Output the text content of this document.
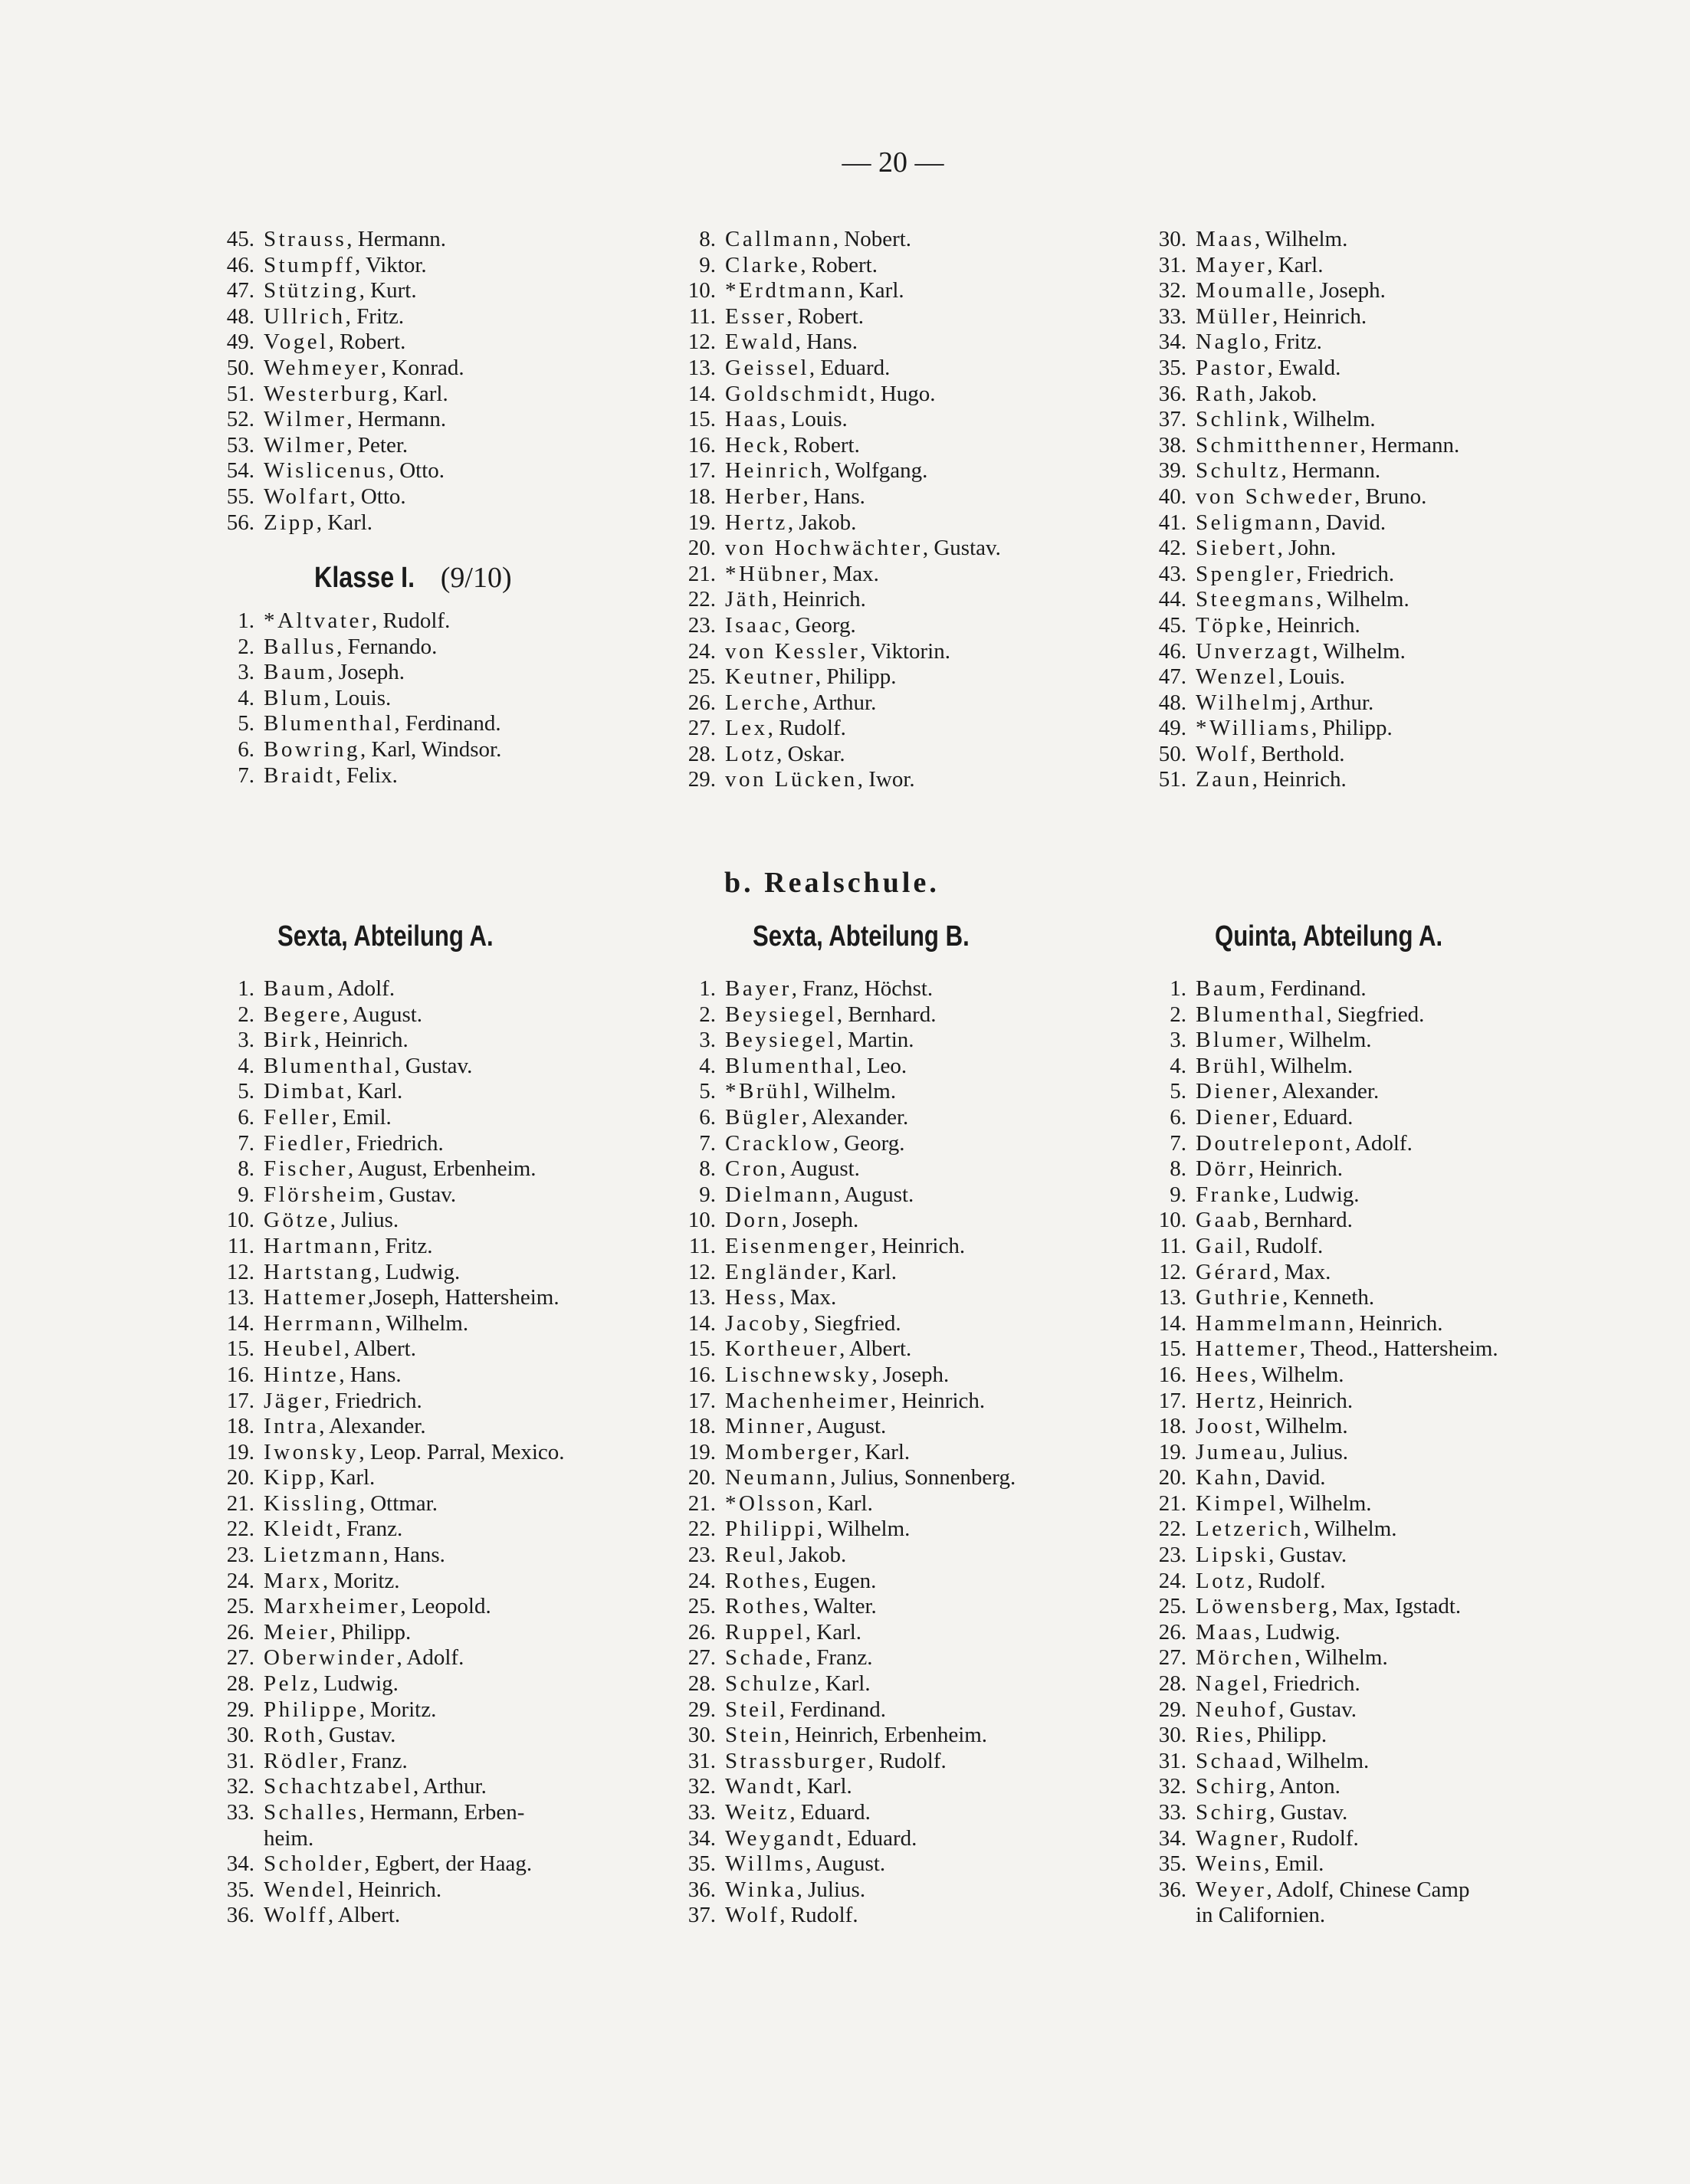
— 20 —
45. Strauss, Hermann.
46. Stumpff, Viktor.
47. Stützing, Kurt.
48. Ullrich, Fritz.
49. Vogel, Robert.
50. Wehmeyer, Konrad.
51. Westerburg, Karl.
52. Wilmer, Hermann.
53. Wilmer, Peter.
54. Wislicenus, Otto.
55. Wolfart, Otto.
56. Zipp, Karl.
Klasse I. (9/10)
1. *Altvater, Rudolf.
2. Ballus, Fernando.
3. Baum, Joseph.
4. Blum, Louis.
5. Blumenthal, Ferdinand.
6. Bowring, Karl, Windsor.
7. Braidt, Felix.
8. Callmann, Nobert.
9. Clarke, Robert.
10. *Erdtmann, Karl.
11. Esser, Robert.
12. Ewald, Hans.
13. Geissel, Eduard.
14. Goldschmidt, Hugo.
15. Haas, Louis.
16. Heck, Robert.
17. Heinrich, Wolfgang.
18. Herber, Hans.
19. Hertz, Jakob.
20. von Hochwächter, Gustav.
21. *Hübner, Max.
22. Jäth, Heinrich.
23. Isaac, Georg.
24. von Kessler, Viktorin.
25. Keutner, Philipp.
26. Lerche, Arthur.
27. Lex, Rudolf.
28. Lotz, Oskar.
29. von Lücken, Iwor.
30. Maas, Wilhelm.
31. Mayer, Karl.
32. Moumalle, Joseph.
33. Müller, Heinrich.
34. Naglo, Fritz.
35. Pastor, Ewald.
36. Rath, Jakob.
37. Schlink, Wilhelm.
38. Schmitthenner, Hermann.
39. Schultz, Hermann.
40. von Schweder, Bruno.
41. Seligmann, David.
42. Siebert, John.
43. Spengler, Friedrich.
44. Steegmans, Wilhelm.
45. Töpke, Heinrich.
46. Unverzagt, Wilhelm.
47. Wenzel, Louis.
48. Wilhelmj, Arthur.
49. *Williams, Philipp.
50. Wolf, Berthold.
51. Zaun, Heinrich.
b. Realschule.
Sexta, Abteilung A.	Sexta, Abteilung B.	Quinta, Abteilung A.
1. Baum, Adolf.
2. Begere, August.
3. Birk, Heinrich.
4. Blumenthal, Gustav.
5. Dimbat, Karl.
6. Feller, Emil.
7. Fiedler, Friedrich.
8. Fischer, August, Erbenheim.
9. Flörsheim, Gustav.
10. Götze, Julius.
11. Hartmann, Fritz.
12. Hartstang, Ludwig.
13. Hattemer,Joseph, Hattersheim.
14. Herrmann, Wilhelm.
15. Heubel, Albert.
16. Hintze, Hans.
17. Jäger, Friedrich.
18. Intra, Alexander.
19. Iwonsky, Leop. Parral, Mexico.
20. Kipp, Karl.
21. Kissling, Ottmar.
22. Kleidt, Franz.
23. Lietzmann, Hans.
24. Marx, Moritz.
25. Marxheimer, Leopold.
26. Meier, Philipp.
27. Oberwinder, Adolf.
28. Pelz, Ludwig.
29. Philippe, Moritz.
30. Roth, Gustav.
31. Rödler, Franz.
32. Schachtzabel, Arthur.
33. Schalles, Hermann, Erben-
heim.
34. Scholder, Egbert, der Haag.
35. Wendel, Heinrich.
36. Wolff, Albert.
1. Bayer, Franz, Höchst.
2. Beysiegel, Bernhard.
3. Beysiegel, Martin.
4. Blumenthal, Leo.
5. *Brühl, Wilhelm.
6. Bügler, Alexander.
7. Cracklow, Georg.
8. Cron, August.
9. Dielmann, August.
10. Dorn, Joseph.
11. Eisenmenger, Heinrich.
12. Engländer, Karl.
13. Hess, Max.
14. Jacoby, Siegfried.
15. Kortheuer, Albert.
16. Lischnewsky, Joseph.
17. Machenheimer, Heinrich.
18. Minner, August.
19. Momberger, Karl.
20. Neumann, Julius, Sonnenberg.
21. *Olsson, Karl.
22. Philippi, Wilhelm.
23. Reul, Jakob.
24. Rothes, Eugen.
25. Rothes, Walter.
26. Ruppel, Karl.
27. Schade, Franz.
28. Schulze, Karl.
29. Steil, Ferdinand.
30. Stein, Heinrich, Erbenheim.
31. Strassburger, Rudolf.
32. Wandt, Karl.
33. Weitz, Eduard.
34. Weygandt, Eduard.
35. Willms, August.
36. Winka, Julius.
37. Wolf, Rudolf.
1. Baum, Ferdinand.
2. Blumenthal, Siegfried.
3. Blumer, Wilhelm.
4. Brühl, Wilhelm.
5. Diener, Alexander.
6. Diener, Eduard.
7. Doutrelepont, Adolf.
8. Dörr, Heinrich.
9. Franke, Ludwig.
10. Gaab, Bernhard.
11. Gail, Rudolf.
12. Gérard, Max.
13. Guthrie, Kenneth.
14. Hammelmann, Heinrich.
15. Hattemer, Theod., Hattersheim.
16. Hees, Wilhelm.
17. Hertz, Heinrich.
18. Joost, Wilhelm.
19. Jumeau, Julius.
20. Kahn, David.
21. Kimpel, Wilhelm.
22. Letzerich, Wilhelm.
23. Lipski, Gustav.
24. Lotz, Rudolf.
25. Löwensberg, Max, Igstadt.
26. Maas, Ludwig.
27. Mörchen, Wilhelm.
28. Nagel, Friedrich.
29. Neuhof, Gustav.
30. Ries, Philipp.
31. Schaad, Wilhelm.
32. Schirg, Anton.
33. Schirg, Gustav.
34. Wagner, Rudolf.
35. Weins, Emil.
36. Weyer, Adolf, Chinese Camp
in Californien.
